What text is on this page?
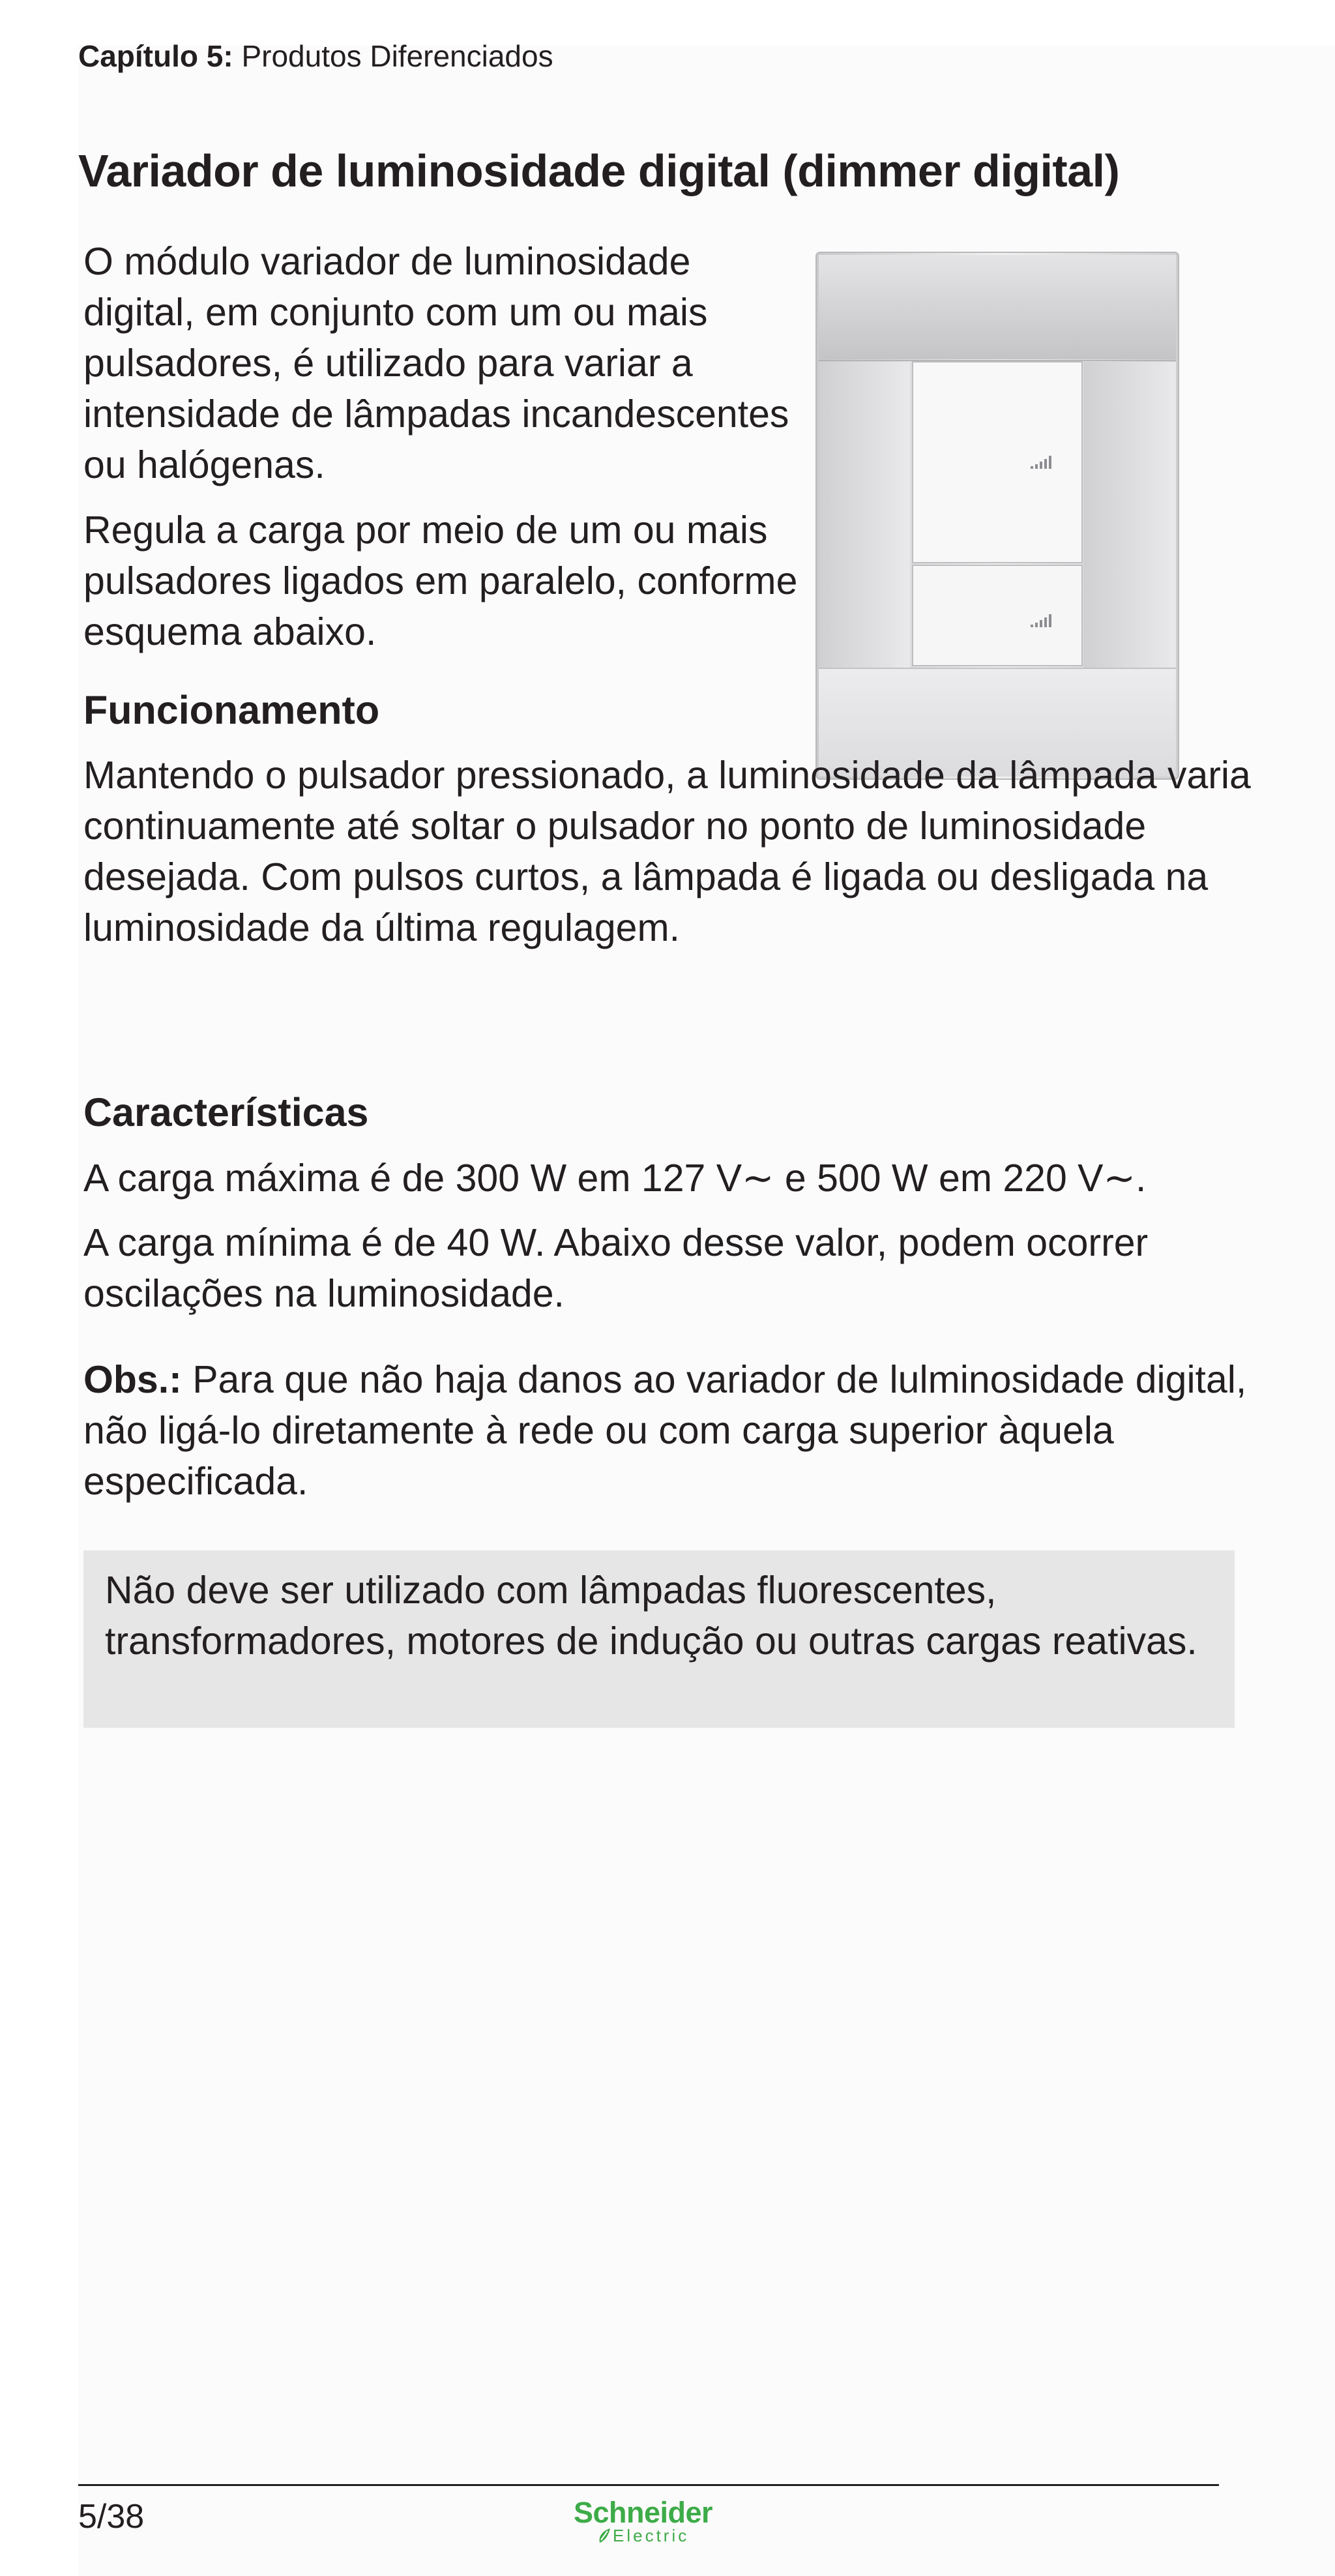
Capítulo 5: Produtos Diferenciados
Variador de luminosidade digital (dimmer digital)

O módulo variador de luminosidade digital, em conjunto com um ou mais pulsadores, é utilizado para variar a intensidade de lâmpadas incandescentes ou halógenas.

Regula a carga por meio de um ou mais pulsadores ligados em paralelo, conforme esquema abaixo.

Funcionamento

Mantendo o pulsador pressionado, a luminosidade da lâmpada varia continuamente até soltar o pulsador no ponto de luminosidade desejada. Com pulsos curtos, a lâmpada é ligada ou desligada na luminosidade da última regulagem.

Características

A carga máxima é de 300 W em 127 V∼ e 500 W em 220 V∼.

A carga mínima é de 40 W. Abaixo desse valor, podem ocorrer oscilações na luminosidade.

Obs.: Para que não haja danos ao variador de lulminosidade digital, não ligá-lo diretamente à rede ou com carga superior àquela especificada.

Não deve ser utilizado com lâmpadas fluorescentes, transformadores, motores de indução ou outras cargas reativas.

5/38	Schneider
Electric
